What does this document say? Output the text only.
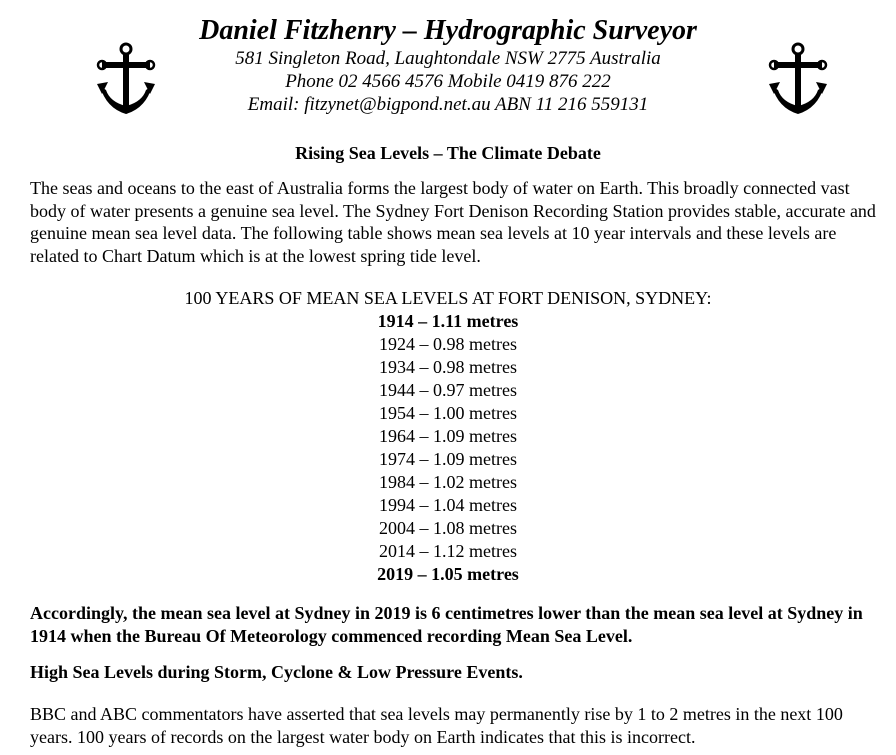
Daniel Fitzhenry – Hydrographic Surveyor
581 Singleton Road, Laughtondale NSW 2775 Australia
Phone 02 4566 4576 Mobile 0419 876 222
Email: fitzynet@bigpond.net.au ABN 11 216 559131
Rising Sea Levels – The Climate Debate

The seas and oceans to the east of Australia forms the largest body of water on Earth. This broadly connected vast body of water presents a genuine sea level. The Sydney Fort Denison Recording Station provides stable, accurate and genuine mean sea level data. The following table shows mean sea levels at 10 year intervals and these levels are related to Chart Datum which is at the lowest spring tide level.

100 YEARS OF MEAN SEA LEVELS AT FORT DENISON, SYDNEY:
1914 – 1.11 metres
1924 – 0.98 metres
1934 – 0.98 metres
1944 – 0.97 metres
1954 – 1.00 metres
1964 – 1.09 metres
1974 – 1.09 metres
1984 – 1.02 metres
1994 – 1.04 metres
2004 – 1.08 metres
2014 – 1.12 metres
2019 – 1.05 metres

Accordingly, the mean sea level at Sydney in 2019 is 6 centimetres lower than the mean sea level at Sydney in 1914 when the Bureau Of Meteorology commenced recording Mean Sea Level.

High Sea Levels during Storm, Cyclone & Low Pressure Events.

BBC and ABC commentators have asserted that sea levels may permanently rise by 1 to 2 metres in the next 100 years. 100 years of records on the largest water body on Earth indicates that this is incorrect.
